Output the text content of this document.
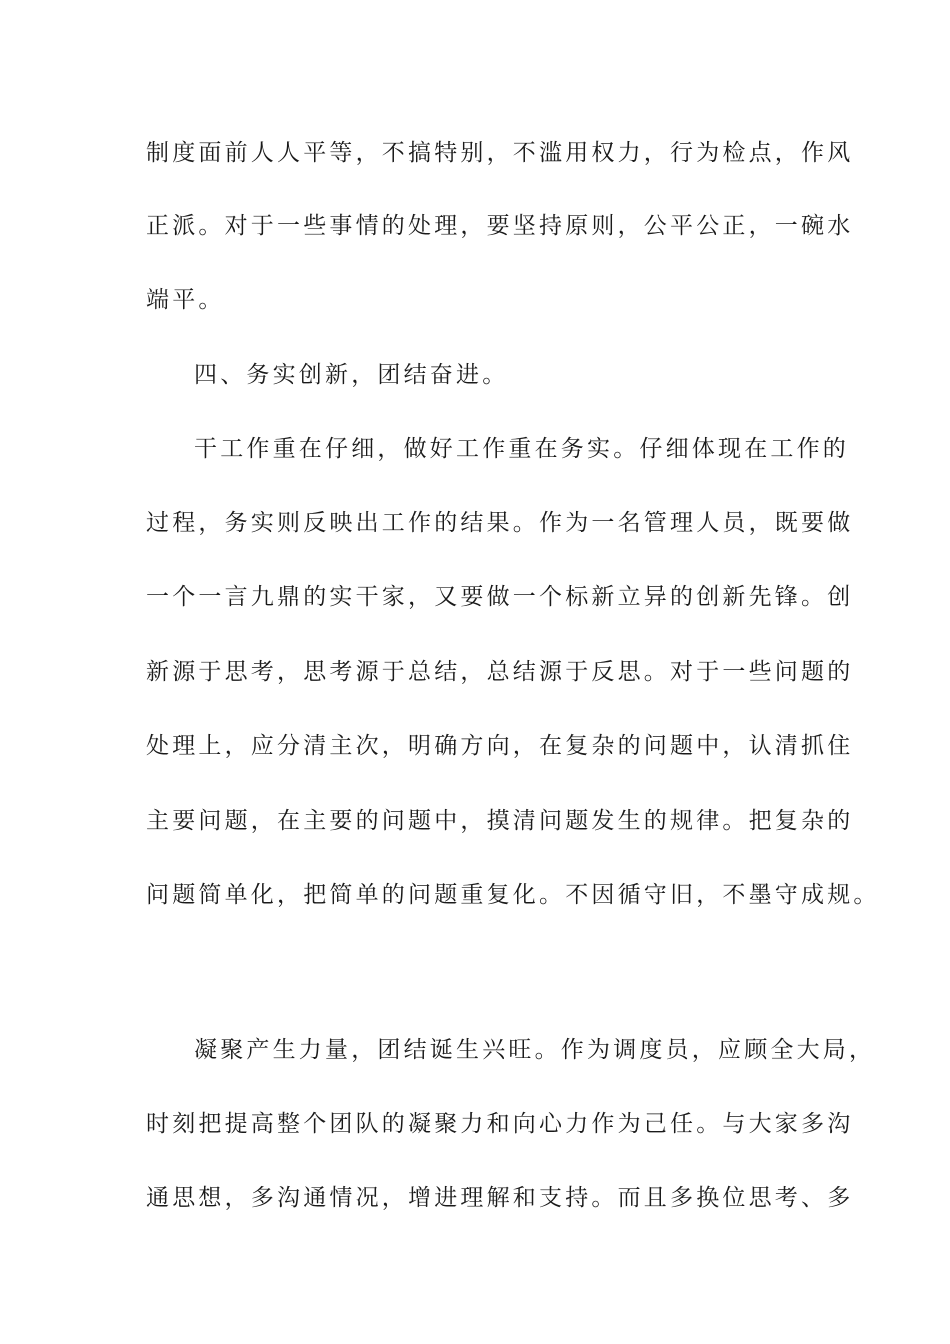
制度面前人人平等，不搞特别，不滥用权力，行为检点，作风
正派。对于一些事情的处理，要坚持原则，公平公正，一碗水
端平。
四、务实创新，团结奋进。
干工作重在仔细，做好工作重在务实。仔细体现在工作的
过程，务实则反映出工作的结果。作为一名管理人员，既要做
一个一言九鼎的实干家，又要做一个标新立异的创新先锋。创
新源于思考，思考源于总结，总结源于反思。对于一些问题的
处理上，应分清主次，明确方向，在复杂的问题中，认清抓住
主要问题，在主要的问题中，摸清问题发生的规律。把复杂的
问题简单化，把简单的问题重复化。不因循守旧，不墨守成规。
凝聚产生力量，团结诞生兴旺。作为调度员，应顾全大局，
时刻把提高整个团队的凝聚力和向心力作为己任。与大家多沟
通思想，多沟通情况，增进理解和支持。而且多换位思考、多
